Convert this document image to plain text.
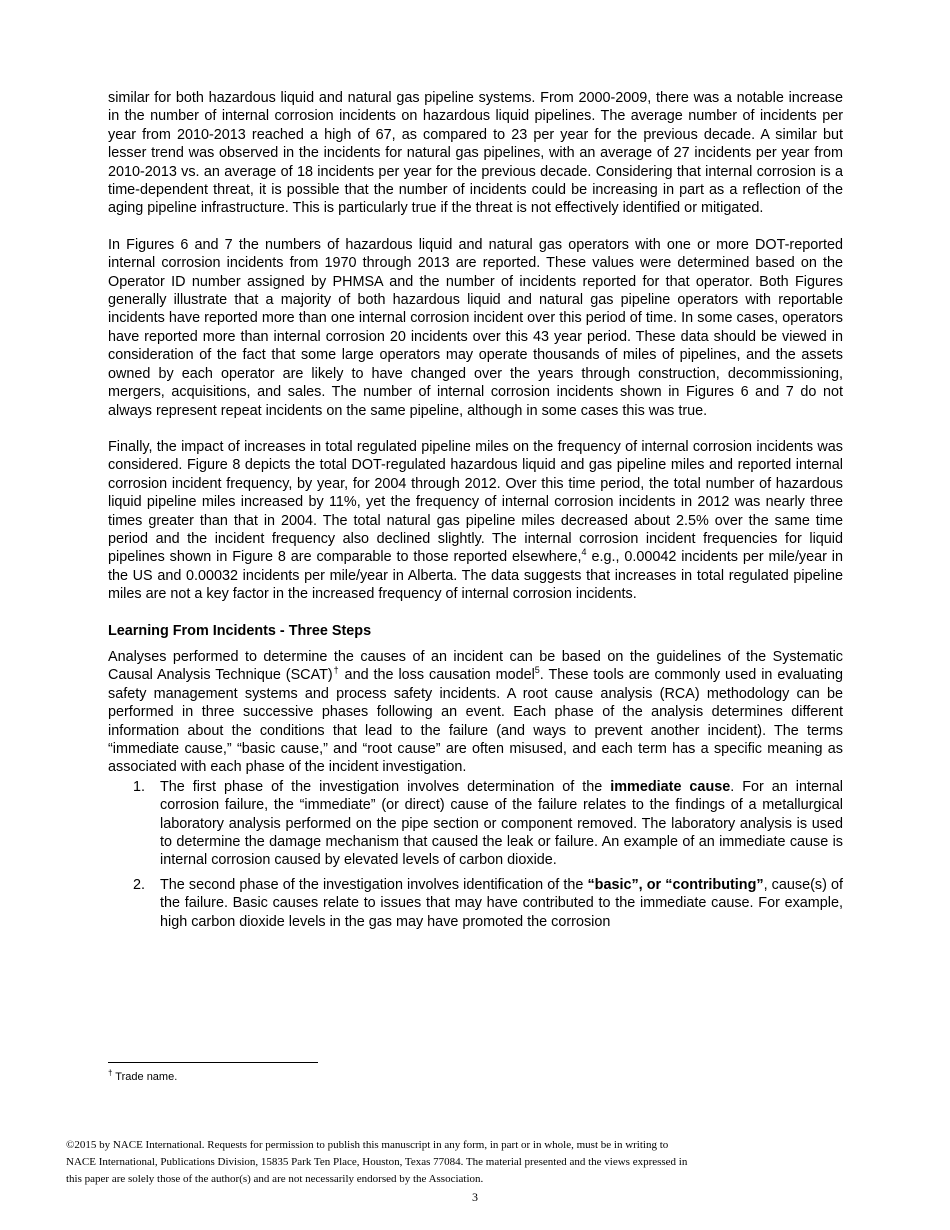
similar for both hazardous liquid and natural gas pipeline systems. From 2000-2009, there was a notable increase in the number of internal corrosion incidents on hazardous liquid pipelines. The average number of incidents per year from 2010-2013 reached a high of 67, as compared to 23 per year for the previous decade. A similar but lesser trend was observed in the incidents for natural gas pipelines, with an average of 27 incidents per year from 2010-2013 vs. an average of 18 incidents per year for the previous decade. Considering that internal corrosion is a time-dependent threat, it is possible that the number of incidents could be increasing in part as a reflection of the aging pipeline infrastructure. This is particularly true if the threat is not effectively identified or mitigated.

In Figures 6 and 7 the numbers of hazardous liquid and natural gas operators with one or more DOT-reported internal corrosion incidents from 1970 through 2013 are reported. These values were determined based on the Operator ID number assigned by PHMSA and the number of incidents reported for that operator. Both Figures generally illustrate that a majority of both hazardous liquid and natural gas pipeline operators with reportable incidents have reported more than one internal corrosion incident over this period of time. In some cases, operators have reported more than internal corrosion 20 incidents over this 43 year period. These data should be viewed in consideration of the fact that some large operators may operate thousands of miles of pipelines, and the assets owned by each operator are likely to have changed over the years through construction, decommissioning, mergers, acquisitions, and sales. The number of internal corrosion incidents shown in Figures 6 and 7 do not always represent repeat incidents on the same pipeline, although in some cases this was true.

Finally, the impact of increases in total regulated pipeline miles on the frequency of internal corrosion incidents was considered. Figure 8 depicts the total DOT-regulated hazardous liquid and gas pipeline miles and reported internal corrosion incident frequency, by year, for 2004 through 2012. Over this time period, the total number of hazardous liquid pipeline miles increased by 11%, yet the frequency of internal corrosion incidents in 2012 was nearly three times greater than that in 2004. The total natural gas pipeline miles decreased about 2.5% over the same time period and the incident frequency also declined slightly. The internal corrosion incident frequencies for liquid pipelines shown in Figure 8 are comparable to those reported elsewhere,$^4$ e.g., 0.00042 incidents per mile/year in the US and 0.00032 incidents per mile/year in Alberta. The data suggests that increases in total regulated pipeline miles are not a key factor in the increased frequency of internal corrosion incidents.

Learning From Incidents - Three Steps

Analyses performed to determine the causes of an incident can be based on the guidelines of the Systematic Causal Analysis Technique (SCAT)† and the loss causation model$^5$. These tools are commonly used in evaluating safety management systems and process safety incidents. A root cause analysis (RCA) methodology can be performed in three successive phases following an event. Each phase of the analysis determines different information about the conditions that lead to the failure (and ways to prevent another incident). The terms “immediate cause,” “basic cause,” and “root cause” are often misused, and each term has a specific meaning as associated with each phase of the incident investigation.

1. The first phase of the investigation involves determination of the immediate cause. For an internal corrosion failure, the “immediate” (or direct) cause of the failure relates to the findings of a metallurgical laboratory analysis performed on the pipe section or component removed. The laboratory analysis is used to determine the damage mechanism that caused the leak or failure. An example of an immediate cause is internal corrosion caused by elevated levels of carbon dioxide.
2. The second phase of the investigation involves identification of the “basic”, or “contributing”, cause(s) of the failure. Basic causes relate to issues that may have contributed to the immediate cause. For example, high carbon dioxide levels in the gas may have promoted the corrosion
† Trade name.
©2015 by NACE International. Requests for permission to publish this manuscript in any form, in part or in whole, must be in writing to
NACE International, Publications Division, 15835 Park Ten Place, Houston, Texas 77084. The material presented and the views expressed in
this paper are solely those of the author(s) and are not necessarily endorsed by the Association.
3
